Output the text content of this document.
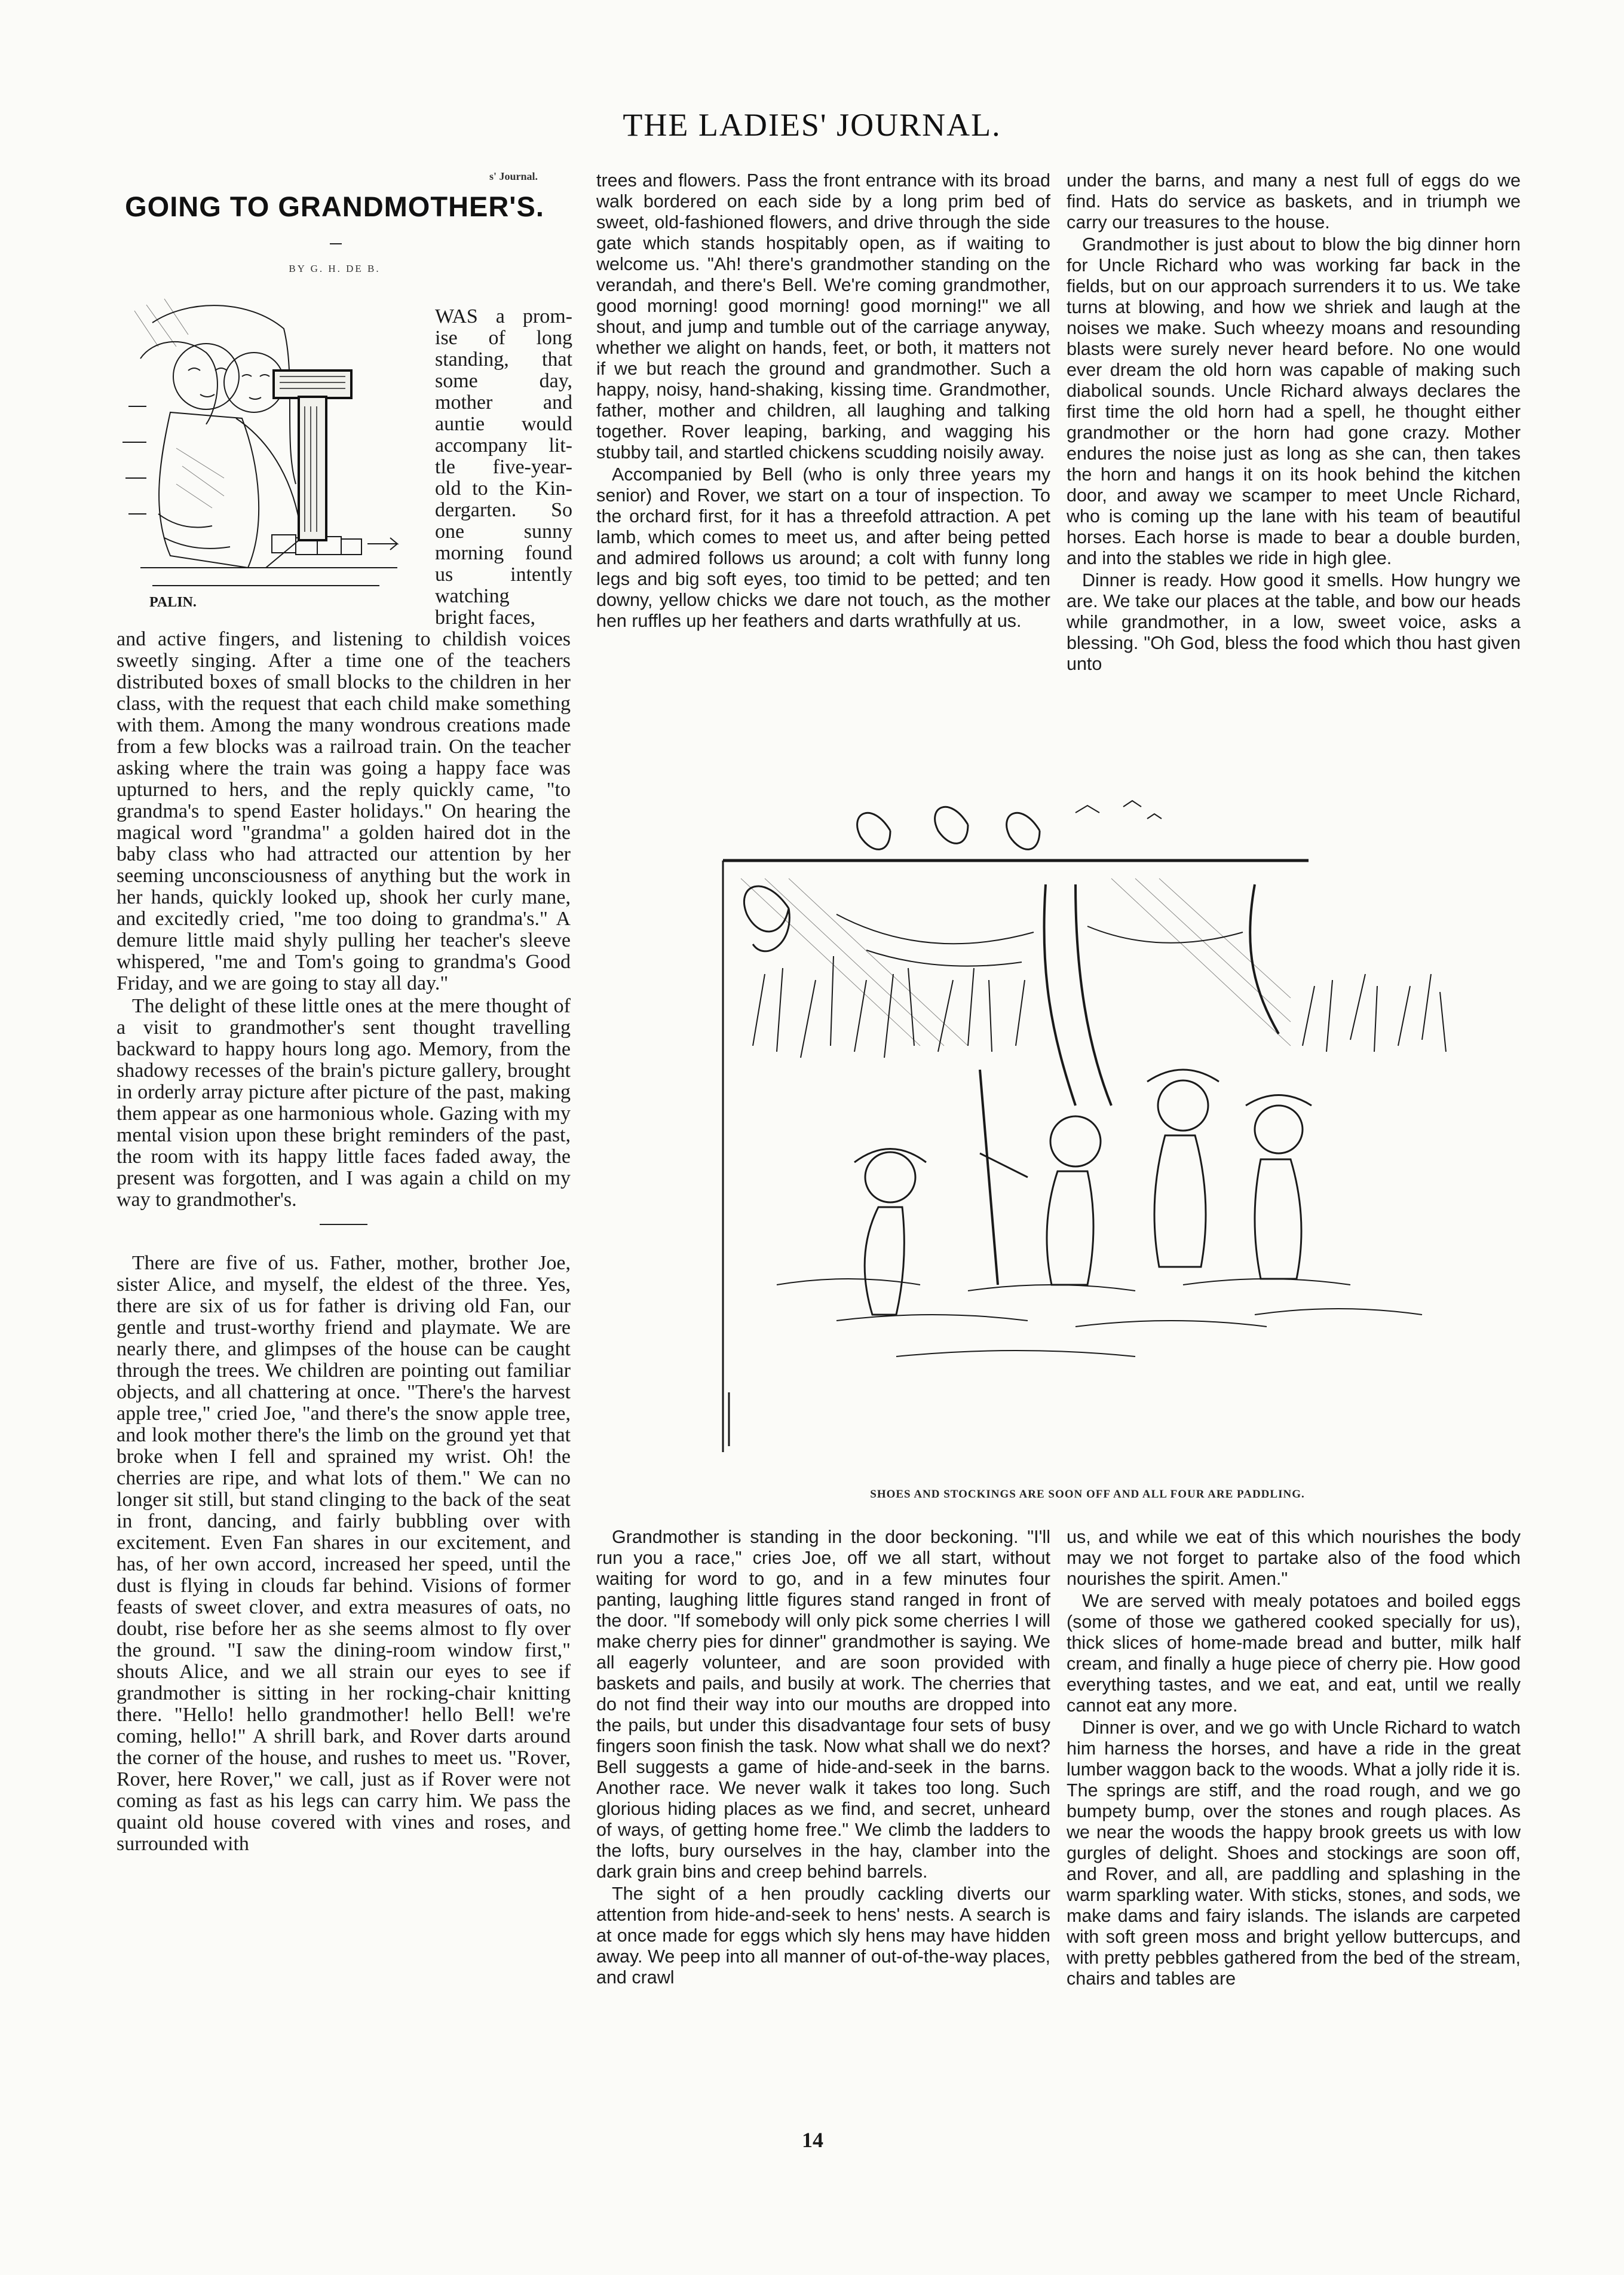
THE LADIES' JOURNAL.
s' Journal.
GOING TO GRANDMOTHER'S.
BY G. H. DE B.
PALIN.
WAS a prom-
ise of long
standing, that
some day,
mother and
auntie would
accompany lit-
tle five-year-
old to the Kin-
dergarten. So
one sunny
morning found
us intently
watching
bright faces,

and active fingers, and listening to childish voices sweetly singing. After a time one of the teachers distributed boxes of small blocks to the children in her class, with the request that each child make something with them. Among the many wondrous creations made from a few blocks was a railroad train. On the teacher asking where the train was going a happy face was upturned to hers, and the reply quickly came, "to grandma's to spend Easter holidays." On hearing the magical word "grandma" a golden haired dot in the baby class who had attracted our attention by her seeming unconsciousness of anything but the work in her hands, quickly looked up, shook her curly mane, and excitedly cried, "me too doing to grandma's." A demure little maid shyly pulling her teacher's sleeve whispered, "me and Tom's going to grandma's Good Friday, and we are going to stay all day."

The delight of these little ones at the mere thought of a visit to grandmother's sent thought travelling backward to happy hours long ago. Memory, from the shadowy recesses of the brain's picture gallery, brought in orderly array picture after picture of the past, making them appear as one harmonious whole. Gazing with my mental vision upon these bright reminders of the past, the room with its happy little faces faded away, the present was forgotten, and I was again a child on my way to grandmother's.

There are five of us. Father, mother, brother Joe, sister Alice, and myself, the eldest of the three. Yes, there are six of us for father is driving old Fan, our gentle and trust-worthy friend and playmate. We are nearly there, and glimpses of the house can be caught through the trees. We children are pointing out familiar objects, and all chattering at once. "There's the harvest apple tree," cried Joe, "and there's the snow apple tree, and look mother there's the limb on the ground yet that broke when I fell and sprained my wrist. Oh! the cherries are ripe, and what lots of them." We can no longer sit still, but stand clinging to the back of the seat in front, dancing, and fairly bubbling over with excitement. Even Fan shares in our excitement, and has, of her own accord, increased her speed, until the dust is flying in clouds far behind. Visions of former feasts of sweet clover, and extra measures of oats, no doubt, rise before her as she seems almost to fly over the ground. "I saw the dining-room window first," shouts Alice, and we all strain our eyes to see if grandmother is sitting in her rocking-chair knitting there. "Hello! hello grandmother! hello Bell! we're coming, hello!" A shrill bark, and Rover darts around the corner of the house, and rushes to meet us. "Rover, Rover, here Rover," we call, just as if Rover were not coming as fast as his legs can carry him. We pass the quaint old house covered with vines and roses, and surrounded with

trees and flowers. Pass the front entrance with its broad walk bordered on each side by a long prim bed of sweet, old-fashioned flowers, and drive through the side gate which stands hospitably open, as if waiting to welcome us. "Ah! there's grandmother standing on the verandah, and there's Bell. We're coming grandmother, good morning! good morning! good morning!" we all shout, and jump and tumble out of the carriage anyway, whether we alight on hands, feet, or both, it matters not if we but reach the ground and grandmother. Such a happy, noisy, hand-shaking, kissing time. Grandmother, father, mother and children, all laughing and talking together. Rover leaping, barking, and wagging his stubby tail, and startled chickens scudding noisily away.

Accompanied by Bell (who is only three years my senior) and Rover, we start on a tour of inspection. To the orchard first, for it has a threefold attraction. A pet lamb, which comes to meet us, and after being petted and admired follows us around; a colt with funny long legs and big soft eyes, too timid to be petted; and ten downy, yellow chicks we dare not touch, as the mother hen ruffles up her feathers and darts wrathfully at us.

under the barns, and many a nest full of eggs do we find. Hats do service as baskets, and in triumph we carry our treasures to the house.

Grandmother is just about to blow the big dinner horn for Uncle Richard who was working far back in the fields, but on our approach surrenders it to us. We take turns at blowing, and how we shriek and laugh at the noises we make. Such wheezy moans and resounding blasts were surely never heard before. No one would ever dream the old horn was capable of making such diabolical sounds. Uncle Richard always declares the first time the old horn had a spell, he thought either grandmother or the horn had gone crazy. Mother endures the noise just as long as she can, then takes the horn and hangs it on its hook behind the kitchen door, and away we scamper to meet Uncle Richard, who is coming up the lane with his team of beautiful horses. Each horse is made to bear a double burden, and into the stables we ride in high glee.

Dinner is ready. How good it smells. How hungry we are. We take our places at the table, and bow our heads while grandmother, in a low, sweet voice, asks a blessing. "Oh God, bless the food which thou hast given unto

SHOES AND STOCKINGS ARE SOON OFF AND ALL FOUR ARE PADDLING.

Grandmother is standing in the door beckoning. "I'll run you a race," cries Joe, off we all start, without waiting for word to go, and in a few minutes four panting, laughing little figures stand ranged in front of the door. "If somebody will only pick some cherries I will make cherry pies for dinner" grandmother is saying. We all eagerly volunteer, and are soon provided with baskets and pails, and busily at work. The cherries that do not find their way into our mouths are dropped into the pails, but under this disadvantage four sets of busy fingers soon finish the task. Now what shall we do next? Bell suggests a game of hide-and-seek in the barns. Another race. We never walk it takes too long. Such glorious hiding places as we find, and secret, unheard of ways, of getting home free." We climb the ladders to the lofts, bury ourselves in the hay, clamber into the dark grain bins and creep behind barrels.

The sight of a hen proudly cackling diverts our attention from hide-and-seek to hens' nests. A search is at once made for eggs which sly hens may have hidden away. We peep into all manner of out-of-the-way places, and crawl

us, and while we eat of this which nourishes the body may we not forget to partake also of the food which nourishes the spirit. Amen."

We are served with mealy potatoes and boiled eggs (some of those we gathered cooked specially for us), thick slices of home-made bread and butter, milk half cream, and finally a huge piece of cherry pie. How good everything tastes, and we eat, and eat, until we really cannot eat any more.

Dinner is over, and we go with Uncle Richard to watch him harness the horses, and have a ride in the great lumber waggon back to the woods. What a jolly ride it is. The springs are stiff, and the road rough, and we go bumpety bump, over the stones and rough places. As we near the woods the happy brook greets us with low gurgles of delight. Shoes and stockings are soon off, and Rover, and all, are paddling and splashing in the warm sparkling water. With sticks, stones, and sods, we make dams and fairy islands. The islands are carpeted with soft green moss and bright yellow buttercups, and with pretty pebbles gathered from the bed of the stream, chairs and tables are

14
